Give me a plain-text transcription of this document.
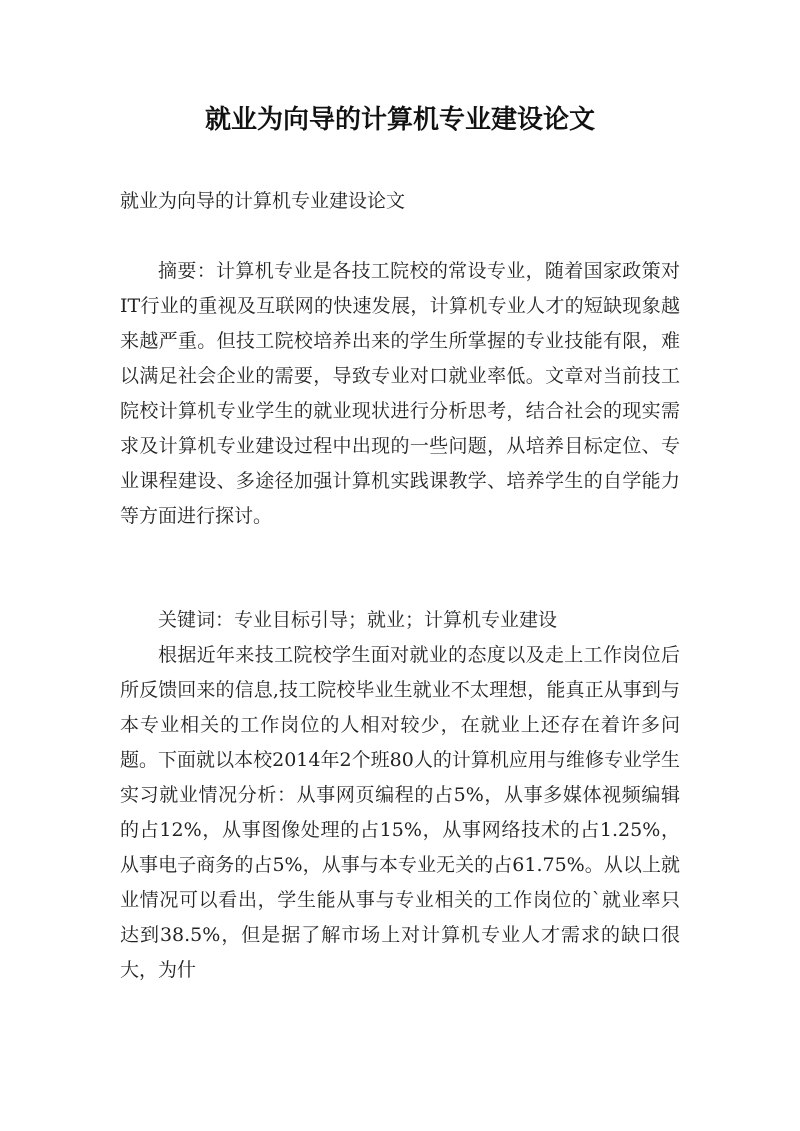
就业为向导的计算机专业建设论文

就业为向导的计算机专业建设论文

摘要：计算机专业是各技工院校的常设专业，随着国家政策对IT行业的重视及互联网的快速发展，计算机专业人才的短缺现象越来越严重。但技工院校培养出来的学生所掌握的专业技能有限，难以满足社会企业的需要，导致专业对口就业率低。文章对当前技工院校计算机专业学生的就业现状进行分析思考，结合社会的现实需求及计算机专业建设过程中出现的一些问题，从培养目标定位、专业课程建设、多途径加强计算机实践课教学、培养学生的自学能力等方面进行探讨。

关键词：专业目标引导；就业；计算机专业建设

根据近年来技工院校学生面对就业的态度以及走上工作岗位后所反馈回来的信息,技工院校毕业生就业不太理想，能真正从事到与本专业相关的工作岗位的人相对较少，在就业上还存在着许多问题。下面就以本校2014年2个班80人的计算机应用与维修专业学生实习就业情况分析：从事网页编程的占5%，从事多媒体视频编辑的占12%，从事图像处理的占15%，从事网络技术的占1.25%，从事电子商务的占5%，从事与本专业无关的占61.75%。从以上就业情况可以看出，学生能从事与专业相关的工作岗位的`就业率只达到38.5%，但是据了解市场上对计算机专业人才需求的缺口很大，为什
